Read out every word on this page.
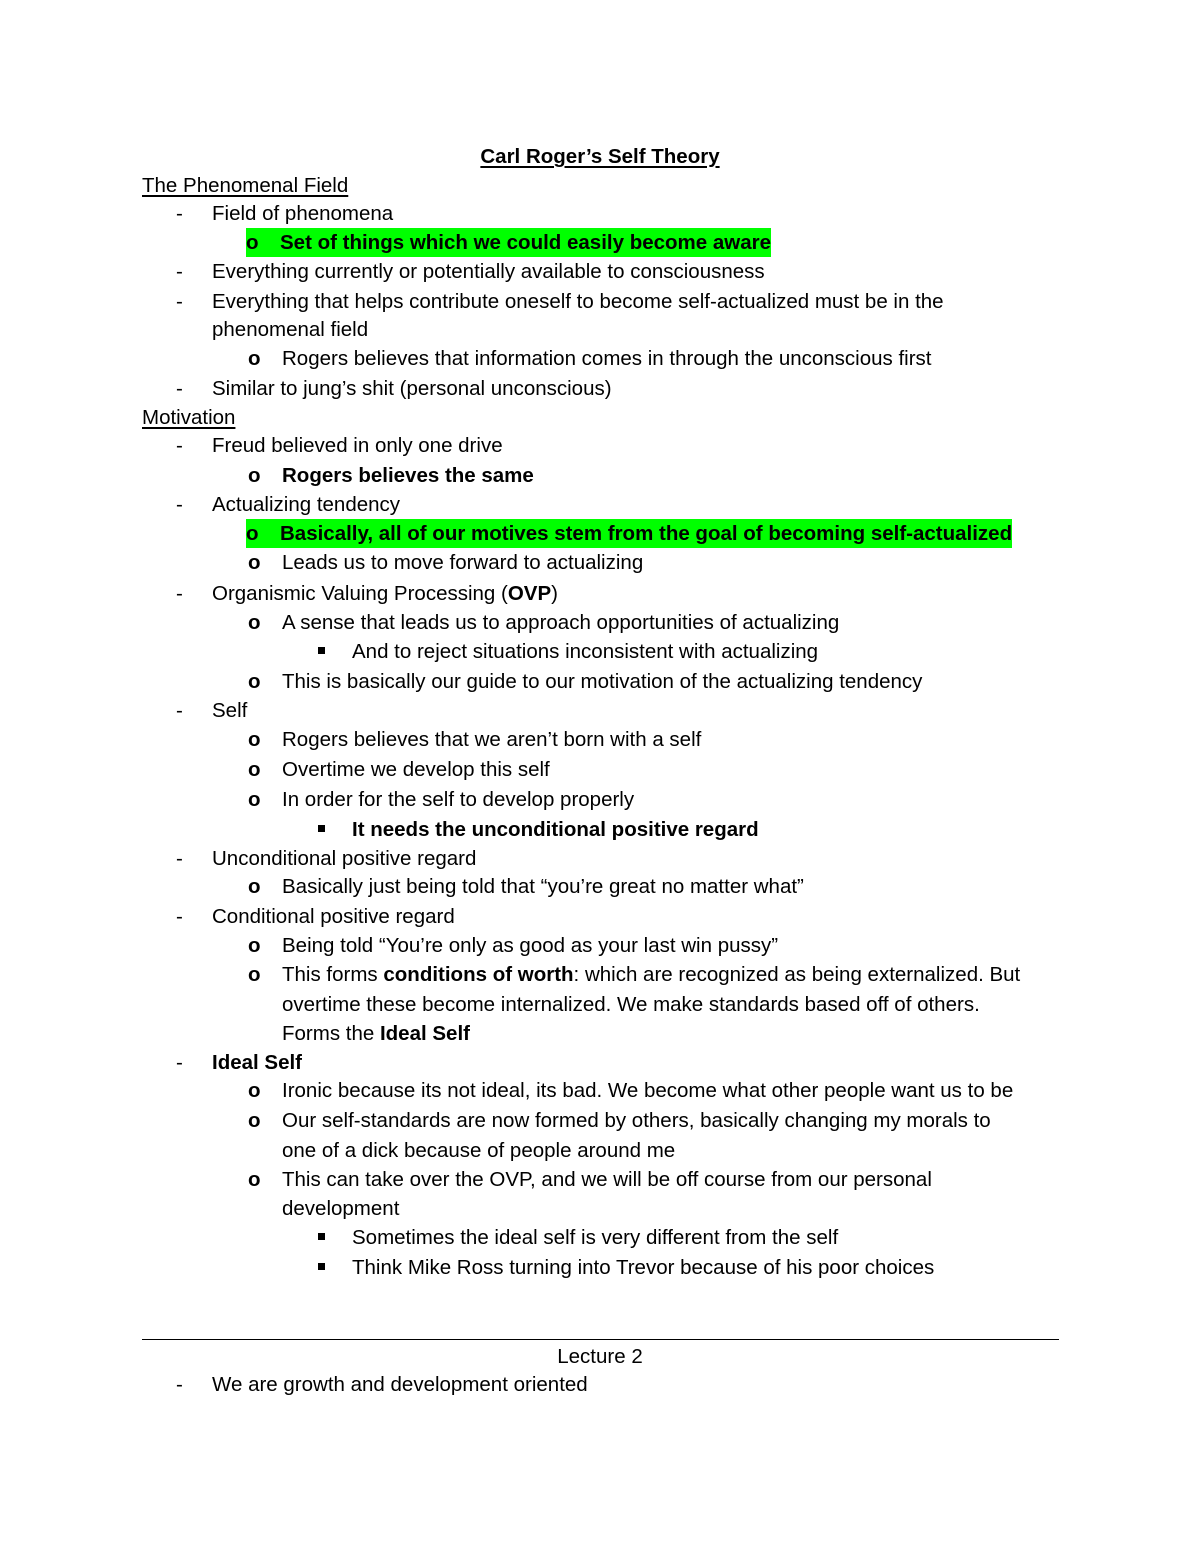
Carl Roger’s Self Theory
The Phenomenal Field
- Field of phenomena
o Set of things which we could easily become aware
- Everything currently or potentially available to consciousness
- Everything that helps contribute oneself to become self-actualized must be in the
phenomenal field
o Rogers believes that information comes in through the unconscious first
- Similar to jung’s shit (personal unconscious)
Motivation
- Freud believed in only one drive
o Rogers believes the same
- Actualizing tendency
o Basically, all of our motives stem from the goal of becoming self-actualized
o Leads us to move forward to actualizing
- Organismic Valuing Processing (OVP)
o A sense that leads us to approach opportunities of actualizing
And to reject situations inconsistent with actualizing
o This is basically our guide to our motivation of the actualizing tendency
- Self
o Rogers believes that we aren’t born with a self
o Overtime we develop this self
o In order for the self to develop properly
It needs the unconditional positive regard
- Unconditional positive regard
o Basically just being told that “you’re great no matter what”
- Conditional positive regard
o Being told “You’re only as good as your last win pussy”
o This forms conditions of worth: which are recognized as being externalized. But
overtime these become internalized. We make standards based off of others.
Forms the Ideal Self
- Ideal Self
o Ironic because its not ideal, its bad. We become what other people want us to be
o Our self-standards are now formed by others, basically changing my morals to
one of a dick because of people around me
o This can take over the OVP, and we will be off course from our personal
development
Sometimes the ideal self is very different from the self
Think Mike Ross turning into Trevor because of his poor choices
Lecture 2
- We are growth and development oriented
